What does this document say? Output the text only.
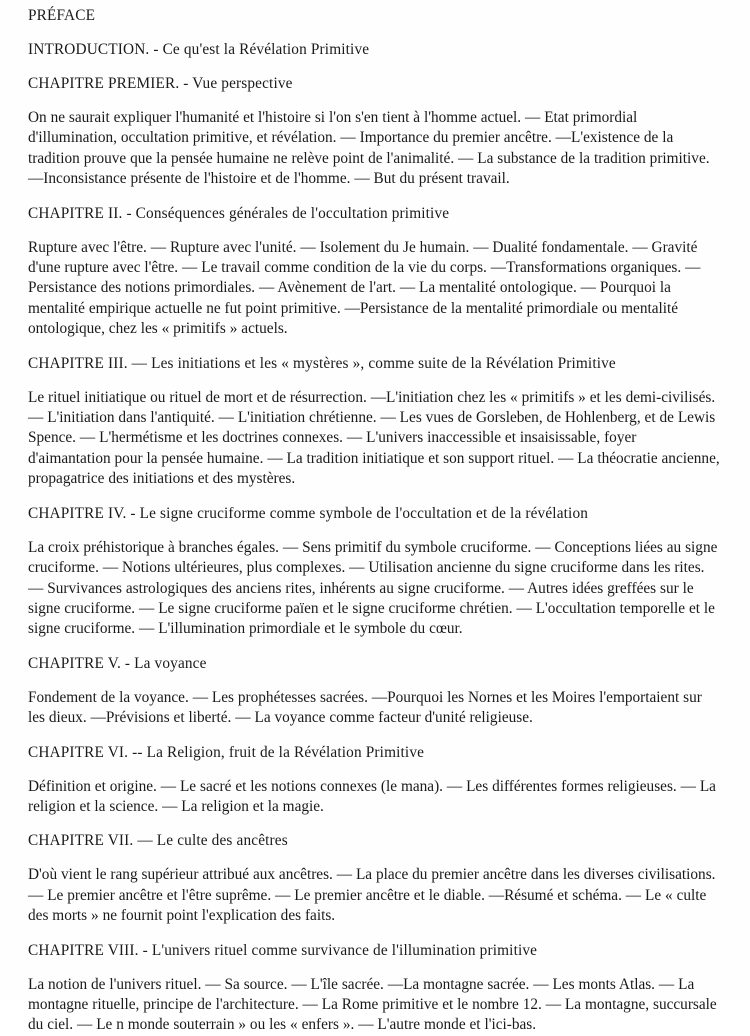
PRÉFACE

INTRODUCTION. - Ce qu'est la Révélation Primitive

CHAPITRE PREMIER. - Vue perspective

On ne saurait expliquer l'humanité et l'histoire si l'on s'en tient à l'homme actuel. — Etat primordial d'illumination, occultation primitive, et révélation. — Importance du premier ancêtre. —L'existence de la tradition prouve que la pensée humaine ne relève point de l'animalité. — La substance de la tradition primitive. —Inconsistance présente de l'histoire et de l'homme. — But du présent travail.

CHAPITRE II. - Conséquences générales de l'occultation primitive

Rupture avec l'être. — Rupture avec l'unité. — Isolement du Je humain. — Dualité fondamentale. — Gravité d'une rupture avec l'être. — Le travail comme condition de la vie du corps. —Transformations organiques. — Persistance des notions primordiales. — Avènement de l'art. — La mentalité ontologique. — Pourquoi la mentalité empirique actuelle ne fut point primitive. —Persistance de la mentalité primordiale ou mentalité ontologique, chez les « primitifs » actuels.

CHAPITRE III. — Les initiations et les « mystères », comme suite de la Révélation Primitive

Le rituel initiatique ou rituel de mort et de résurrection. —L'initiation chez les « primitifs » et les demi-civilisés. — L'initiation dans l'antiquité. — L'initiation chrétienne. — Les vues de Gorsleben, de Hohlenberg, et de Lewis Spence. — L'hermétisme et les doctrines connexes. — L'univers inaccessible et insaisissable, foyer d'aimantation pour la pensée humaine. — La tradition initiatique et son support rituel. — La théocratie ancienne, propagatrice des initiations et des mystères.

CHAPITRE IV. - Le signe cruciforme comme symbole de l'occultation et de la révélation

La croix préhistorique à branches égales. — Sens primitif du symbole cruciforme. — Conceptions liées au signe cruciforme. — Notions ultérieures, plus complexes. — Utilisation ancienne du signe cruciforme dans les rites. — Survivances astrologiques des anciens rites, inhérents au signe cruciforme. — Autres idées greffées sur le signe cruciforme. — Le signe cruciforme païen et le signe cruciforme chrétien. — L'occultation temporelle et le signe cruciforme. — L'illumination primordiale et le symbole du cœur.

CHAPITRE V. - La voyance

Fondement de la voyance. — Les prophétesses sacrées. —Pourquoi les Nornes et les Moires l'emportaient sur les dieux. —Prévisions et liberté. — La voyance comme facteur d'unité religieuse.

CHAPITRE VI. -- La Religion, fruit de la Révélation Primitive

Définition et origine. — Le sacré et les notions connexes (le mana). — Les différentes formes religieuses. — La religion et la science. — La religion et la magie.

CHAPITRE VII. — Le culte des ancêtres

D'où vient le rang supérieur attribué aux ancêtres. — La place du premier ancêtre dans les diverses civilisations. — Le premier ancêtre et l'être suprême. — Le premier ancêtre et le diable. —Résumé et schéma. — Le « culte des morts » ne fournit point l'explication des faits.

CHAPITRE VIII. - L'univers rituel comme survivance de l'illumination primitive

La notion de l'univers rituel. — Sa source. — L'île sacrée. —La montagne sacrée. — Les monts Atlas. — La montagne rituelle, principe de l'architecture. — La Rome primitive et le nombre 12. — La montagne, succursale du ciel. — Le n monde souterrain » ou les « enfers ». — L'autre monde et l'ici-bas.
